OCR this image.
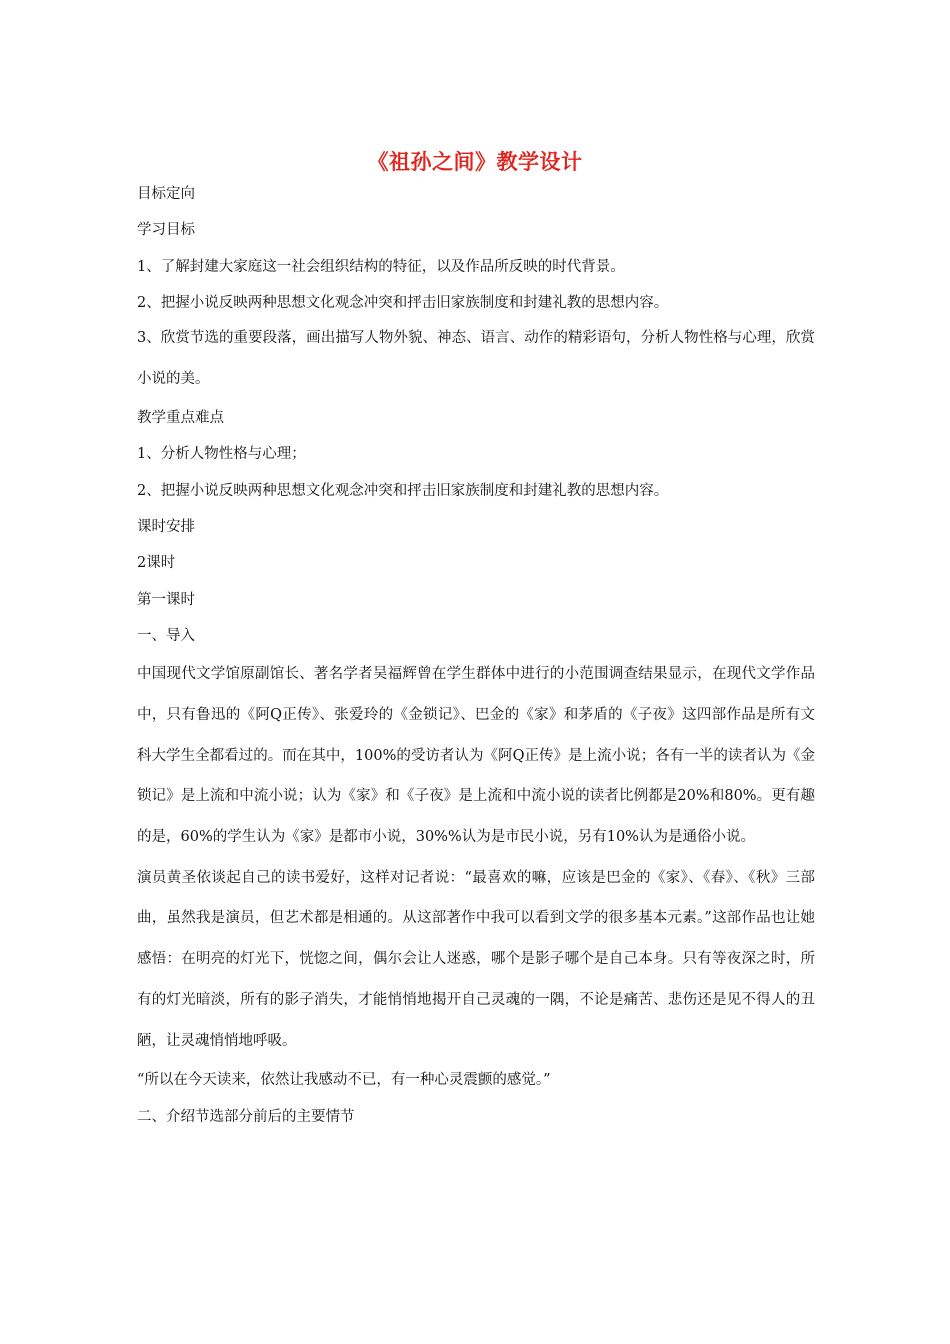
《祖孙之间》教学设计
目标定向
学习目标
1、了解封建大家庭这一社会组织结构的特征，以及作品所反映的时代背景。
2、把握小说反映两种思想文化观念冲突和抨击旧家族制度和封建礼教的思想内容。
3、欣赏节选的重要段落，画出描写人物外貌、神态、语言、动作的精彩语句，分析人物性格与心理，欣赏小说的美。
教学重点难点
1、分析人物性格与心理；
2、把握小说反映两种思想文化观念冲突和抨击旧家族制度和封建礼教的思想内容。
课时安排
2课时
第一课时
一、导入
中国现代文学馆原副馆长、著名学者吴福辉曾在学生群体中进行的小范围调查结果显示，在现代文学作品中，只有鲁迅的《阿Q正传》、张爱玲的《金锁记》、巴金的《家》和茅盾的《子夜》这四部作品是所有文科大学生全都看过的。而在其中，100%的受访者认为《阿Q正传》是上流小说；各有一半的读者认为《金锁记》是上流和中流小说；认为《家》和《子夜》是上流和中流小说的读者比例都是20%和80%。更有趣的是，60%的学生认为《家》是都市小说，30%%认为是市民小说，另有10%认为是通俗小说。
演员黄圣依谈起自己的读书爱好，这样对记者说：“最喜欢的嘛，应该是巴金的《家》、《春》、《秋》三部曲，虽然我是演员，但艺术都是相通的。从这部著作中我可以看到文学的很多基本元素。”这部作品也让她感悟：在明亮的灯光下，恍惚之间，偶尔会让人迷惑，哪个是影子哪个是自己本身。只有等夜深之时，所有的灯光暗淡，所有的影子消失，才能悄悄地揭开自己灵魂的一隅，不论是痛苦、悲伤还是见不得人的丑陋，让灵魂悄悄地呼吸。
“所以在今天读来，依然让我感动不已，有一种心灵震颤的感觉。”
二、介绍节选部分前后的主要情节
